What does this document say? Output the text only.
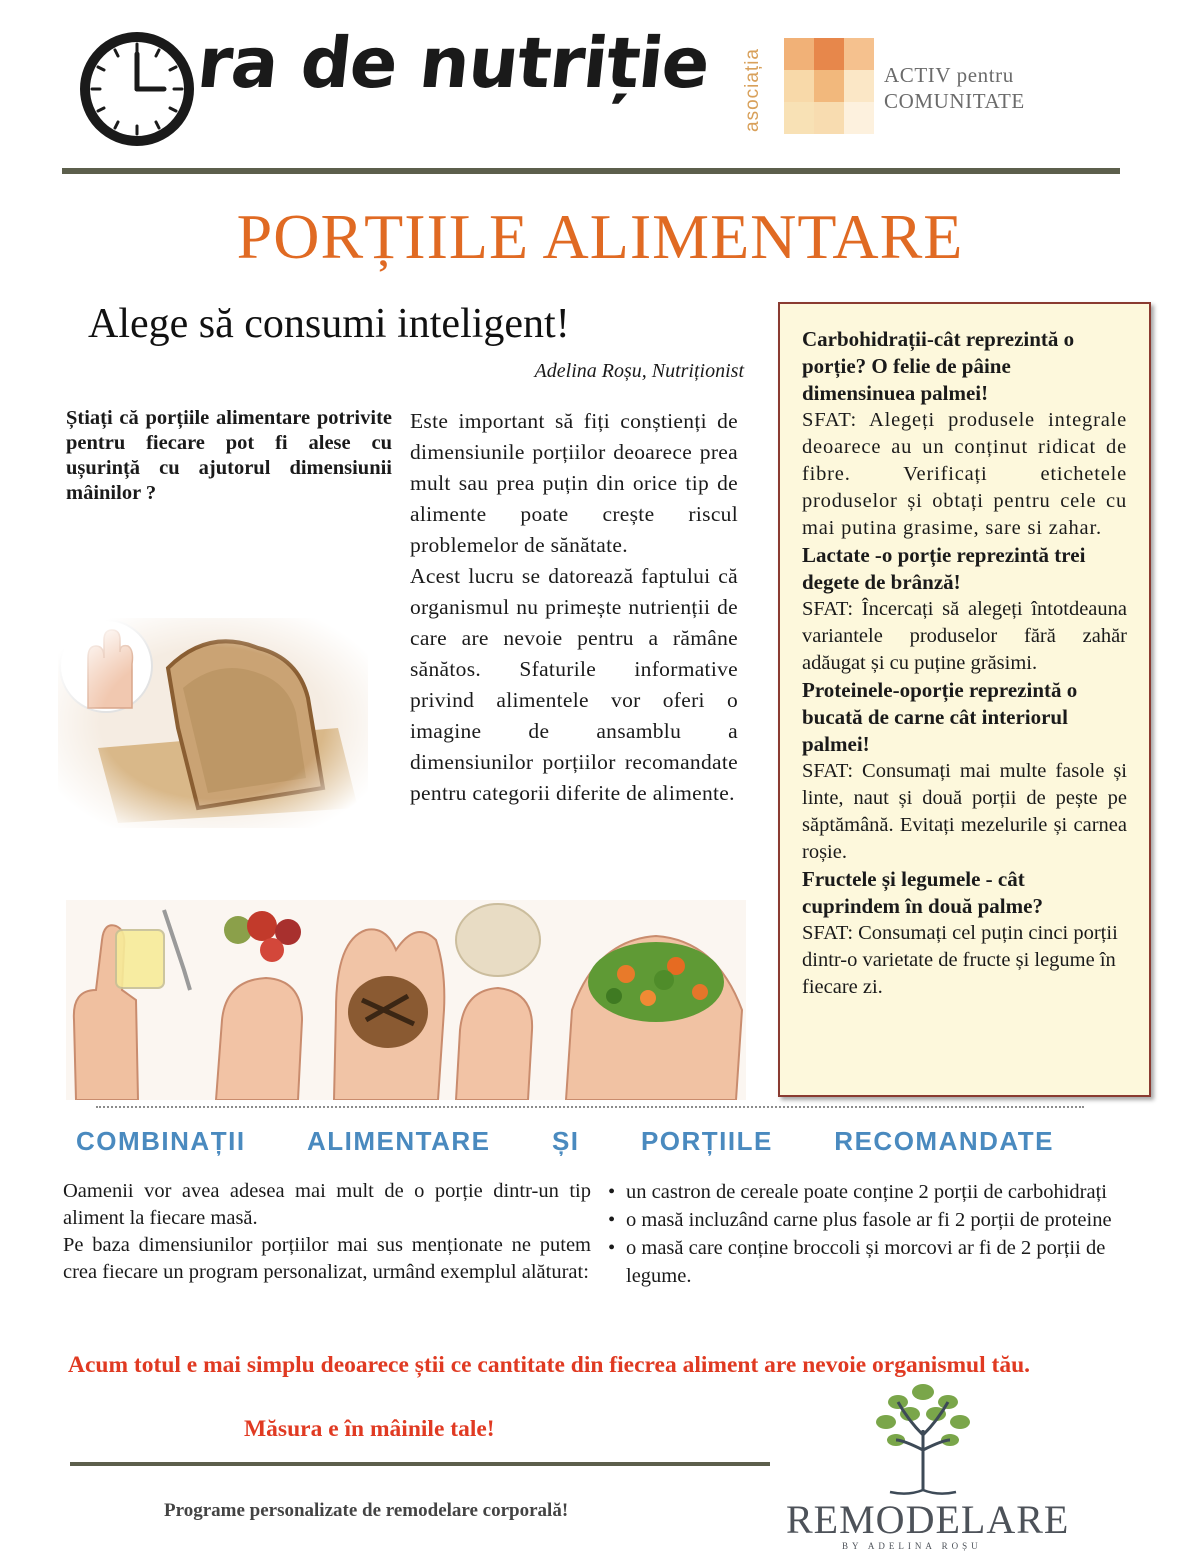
ra de nutriție asociația	ACTIV pentru
COMUNITATE
PORȚIILE ALIMENTARE
Alege să consumi inteligent!
Adelina Roșu, Nutriționist
Știați că porțiile alimentare potrivite pentru fiecare pot fi alese cu ușurință cu ajutorul dimensiunii mâinilor ?

Este important să fiți conștienți de dimensiunile porțiilor deoarece prea mult sau prea puțin din orice tip de alimente poate crește riscul problemelor de sănătate.

Acest lucru se datorează faptului că organismul nu primește nutrienții de care are nevoie pentru a rămâne sănătos. Sfaturile informative privind alimentele vor oferi o imagine de ansamblu a dimensiunilor porțiilor recomandate pentru categorii diferite de alimente.

Carbohidrații-cât reprezintă o porție? O felie de pâine dimensinuea palmei!
SFAT: Alegeți produsele integrale deoarece au un conținut ridicat de fibre. Verificați etichetele produselor și obtați pentru cele cu mai putina grasime, sare si zahar.
Lactate -o porție reprezintă trei degete de brânză!
SFAT: Încercați să alegeți întotdeauna variantele produselor fără zahăr adăugat și cu puține grăsimi.
Proteinele-oporție reprezintă o bucată de carne cât interiorul palmei!
SFAT: Consumați mai multe fasole și linte, naut și două porții de pește pe săptămână. Evitați mezelurile și carnea roșie.
Fructele și legumele - cât cuprindem în două palme?
SFAT: Consumați cel puțin cinci porții dintr-o varietate de fructe și legume în fiecare zi.
COMBINAȚII ALIMENTARE ȘI PORȚIILE RECOMANDATE

Oamenii vor avea adesea mai mult de o porție dintr-un tip aliment la fiecare masă.

Pe baza dimensiunilor porțiilor mai sus menționate ne putem crea fiecare un program personalizat, urmând exemplul alăturat:

• un castron de cereale poate conține 2 porții de carbohidrați
• o masă incluzând carne plus fasole ar fi 2 porții de proteine
• o masă care conține broccoli și morcovi ar fi de 2 porții de legume.
Acum totul e mai simplu deoarece știi ce cantitate din fiecrea aliment are nevoie organismul tău.
Măsura e în mâinile tale!
Programe personalizate de remodelare corporală!	REMODELARE
BY ADELINA ROȘU
